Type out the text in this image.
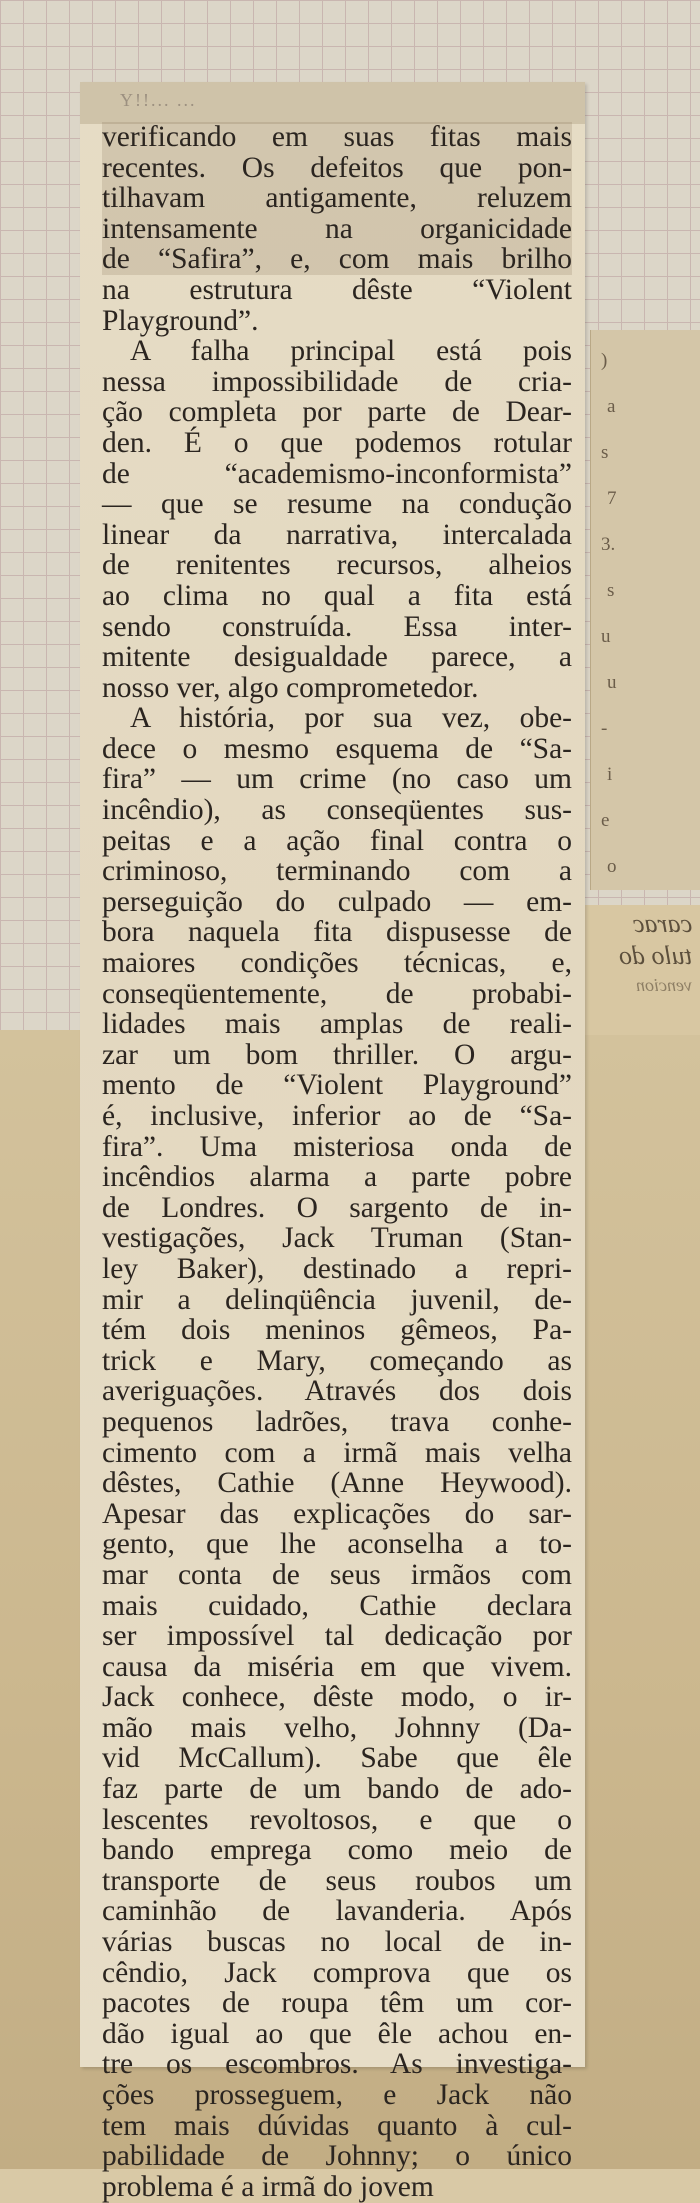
)
a
s
7
3.
s
u
u
-
i
e
o
carac
tulo do
vencion
Y!!... ...
verificando em suas fitas mais
recentes. Os defeitos que pon-
tilhavam antigamente, reluzem
intensamente na organicidade
de “Safira”, e, com mais brilho
na estrutura dêste “Violent
Playground”.
A falha principal está pois
nessa impossibilidade de cria-
ção completa por parte de Dear-
den. É o que podemos rotular
de “academismo-inconformista”
— que se resume na condução
linear da narrativa, intercalada
de renitentes recursos, alheios
ao clima no qual a fita está
sendo construída. Essa inter-
mitente desigualdade parece, a
nosso ver, algo comprometedor.
A história, por sua vez, obe-
dece o mesmo esquema de “Sa-
fira” — um crime (no caso um
incêndio), as conseqüentes sus-
peitas e a ação final contra o
criminoso, terminando com a
perseguição do culpado — em-
bora naquela fita dispusesse de
maiores condições técnicas, e,
conseqüentemente, de probabi-
lidades mais amplas de reali-
zar um bom thriller. O argu-
mento de “Violent Playground”
é, inclusive, inferior ao de “Sa-
fira”. Uma misteriosa onda de
incêndios alarma a parte pobre
de Londres. O sargento de in-
vestigações, Jack Truman (Stan-
ley Baker), destinado a repri-
mir a delinqüência juvenil, de-
tém dois meninos gêmeos, Pa-
trick e Mary, começando as
averiguações. Através dos dois
pequenos ladrões, trava conhe-
cimento com a irmã mais velha
dêstes, Cathie (Anne Heywood).
Apesar das explicações do sar-
gento, que lhe aconselha a to-
mar conta de seus irmãos com
mais cuidado, Cathie declara
ser impossível tal dedicação por
causa da miséria em que vivem.
Jack conhece, dêste modo, o ir-
mão mais velho, Johnny (Da-
vid McCallum). Sabe que êle
faz parte de um bando de ado-
lescentes revoltosos, e que o
bando emprega como meio de
transporte de seus roubos um
caminhão de lavanderia. Após
várias buscas no local de in-
cêndio, Jack comprova que os
pacotes de roupa têm um cor-
dão igual ao que êle achou en-
tre os escombros. As investiga-
ções prosseguem, e Jack não
tem mais dúvidas quanto à cul-
pabilidade de Johnny; o único
problema é a irmã do jovem
